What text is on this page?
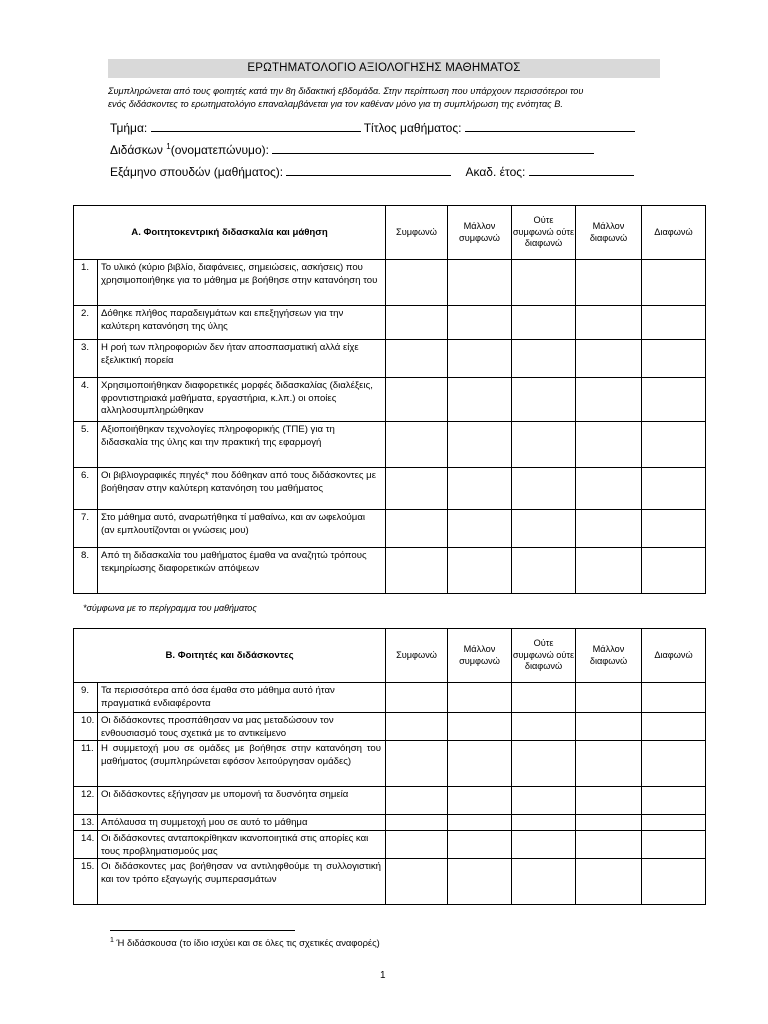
ΕΡΩΤΗΜΑΤΟΛΟΓΙΟ ΑΞΙΟΛΟΓΗΣΗΣ ΜΑΘΗΜΑΤΟΣ
Συμπληρώνεται από τους φοιτητές κατά την 8η διδακτική εβδομάδα. Στην περίπτωση που υπάρχουν περισσότεροι του
ενός διδάσκοντες το ερωτηματολόγιο επαναλαμβάνεται για τον καθέναν μόνο για τη συμπλήρωση της ενότητας Β.
Τμήμα:	Τίτλος μαθήματος:
Διδάσκων $^1$(ονοματεπώνυμο):
Εξάμηνο σπουδών (μαθήματος):	Ακαδ. έτος:
Α. Φοιτητοκεντρική διδασκαλία και μάθηση		Συμφωνώ	Μάλλον συμφωνώ	Ούτε συμφωνώ ούτε διαφωνώ	Μάλλον διαφωνώ	Διαφωνώ
1.	Το υλικό (κύριο βιβλίο, διαφάνειες, σημειώσεις, ασκήσεις) που χρησιμοποιήθηκε για το μάθημα με βοήθησε στην κατανόηση του					
2.	Δόθηκε πλήθος παραδειγμάτων και επεξηγήσεων για την καλύτερη κατανόηση της ύλης					
3.	Η ροή των πληροφοριών δεν ήταν αποσπασματική αλλά είχε εξελικτική πορεία					
4.	Χρησιμοποιήθηκαν διαφορετικές μορφές διδασκαλίας (διαλέξεις, φροντιστηριακά μαθήματα, εργαστήρια, κ.λπ.) οι οποίες αλληλοσυμπληρώθηκαν					
5.	Αξιοποιήθηκαν τεχνολογίες πληροφορικής (ΤΠΕ) για τη διδασκαλία της ύλης και την πρακτική της εφαρμογή					
6.	Οι βιβλιογραφικές πηγές* που δόθηκαν από τους διδάσκοντες με βοήθησαν στην καλύτερη κατανόηση του μαθήματος					
7.	Στο μάθημα αυτό, αναρωτήθηκα τί μαθαίνω, και αν ωφελούμαι (αν εμπλουτίζονται οι γνώσεις μου)					
8.	Από τη διδασκαλία του μαθήματος έμαθα να αναζητώ τρόπους τεκμηρίωσης διαφορετικών απόψεων					
*σύμφωνα με το περίγραμμα του μαθήματος
Β. Φοιτητές και διδάσκοντες		Συμφωνώ	Μάλλον συμφωνώ	Ούτε συμφωνώ ούτε διαφωνώ	Μάλλον διαφωνώ	Διαφωνώ
9.	Τα περισσότερα από όσα έμαθα στο μάθημα αυτό ήταν πραγματικά ενδιαφέροντα					
10.	Οι διδάσκοντες προσπάθησαν να μας μεταδώσουν τον ενθουσιασμό τους σχετικά με το αντικείμενο					
11.	Η συμμετοχή μου σε ομάδες με βοήθησε στην κατανόηση του μαθήματος (συμπληρώνεται εφόσον λειτούργησαν ομάδες)					
12.	Οι διδάσκοντες εξήγησαν με υπομονή τα δυσνόητα σημεία					
13.	Απόλαυσα τη συμμετοχή μου σε αυτό το μάθημα					
14.	Οι διδάσκοντες ανταποκρίθηκαν ικανοποιητικά στις απορίες και τους προβληματισμούς μας					
15.	Οι διδάσκοντες μας βοήθησαν να αντιληφθούμε τη συλλογιστική και τον τρόπο εξαγωγής συμπερασμάτων					
$^1$ Ή διδάσκουσα (το ίδιο ισχύει και σε όλες τις σχετικές αναφορές)
1
